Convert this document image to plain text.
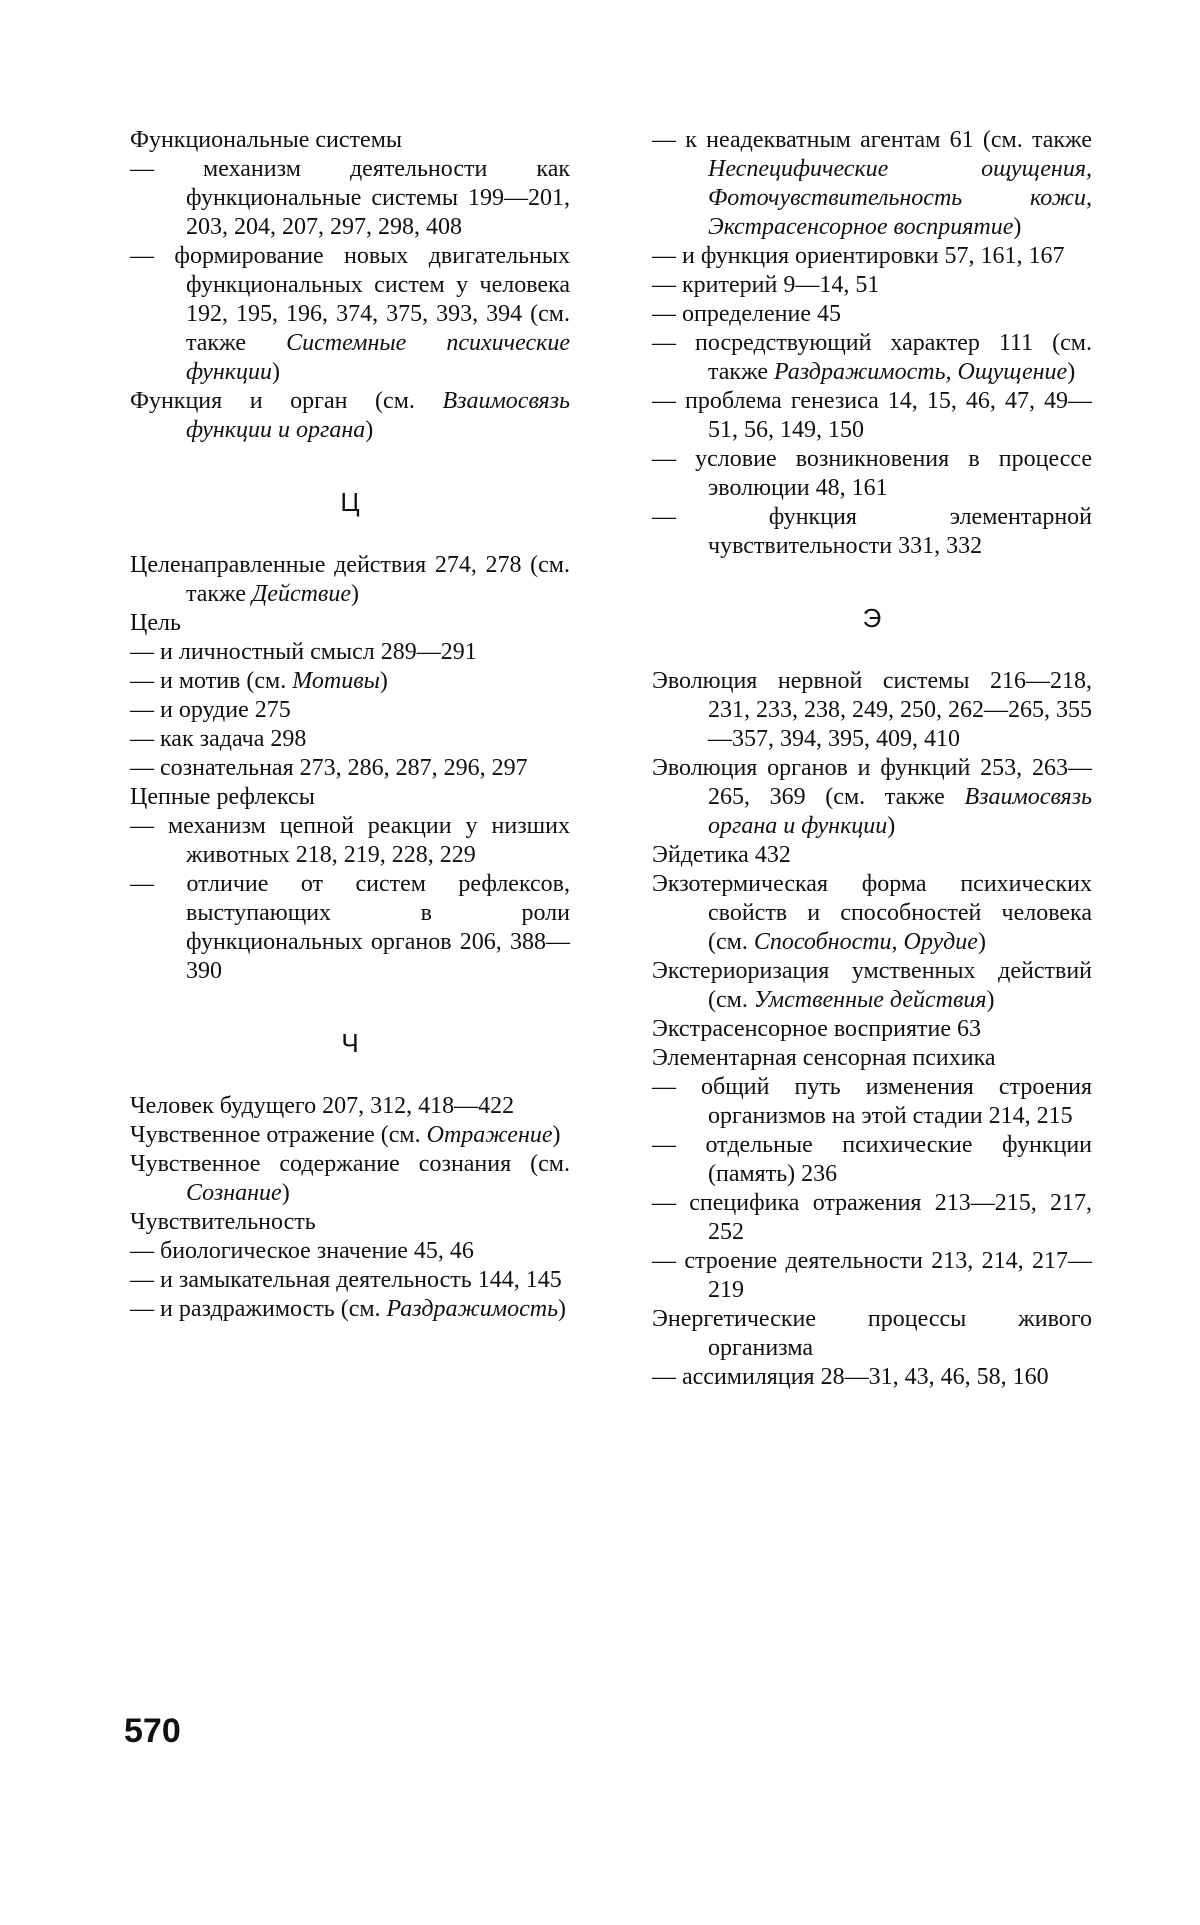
Функциональные системы
— механизм деятельности как функциональные системы 199—201, 203, 204, 207, 297, 298, 408
— формирование новых двигательных функциональных систем у человека 192, 195, 196, 374, 375, 393, 394 (см. также Системные психические функции)
Функция и орган (см. Взаимосвязь функции и органа)
Ц
Целенаправленные действия 274, 278 (см. также Действие)
Цель
— и личностный смысл 289—291
— и мотив (см. Мотивы)
— и орудие 275
— как задача 298
— сознательная 273, 286, 287, 296, 297
Цепные рефлексы
— механизм цепной реакции у низших животных 218, 219, 228, 229
— отличие от систем рефлексов, выступающих в роли функциональных органов 206, 388—390
Ч
Человек будущего 207, 312, 418—422
Чувственное отражение (см. Отражение)
Чувственное содержание сознания (см. Сознание)
Чувствительность
— биологическое значение 45, 46
— и замыкательная деятельность 144, 145
— и раздражимость (см. Раздражимость)
— к неадекватным агентам 61 (см. также Неспецифические ощущения, Фоточувствительность кожи, Экстрасенсорное восприятие)
— и функция ориентировки 57, 161, 167
— критерий 9—14, 51
— определение 45
— посредствующий характер 111 (см. также Раздражимость, Ощущение)
— проблема генезиса 14, 15, 46, 47, 49—51, 56, 149, 150
— условие возникновения в процессе эволюции 48, 161
— функция элементарной чувствительности 331, 332
Э
Эволюция нервной системы 216—218, 231, 233, 238, 249, 250, 262—265, 355—357, 394, 395, 409, 410
Эволюция органов и функций 253, 263—265, 369 (см. также Взаимосвязь органа и функции)
Эйдетика 432
Экзотермическая форма психических свойств и способностей человека (см. Способности, Орудие)
Экстериоризация умственных действий (см. Умственные действия)
Экстрасенсорное восприятие 63
Элементарная сенсорная психика
— общий путь изменения строения организмов на этой стадии 214, 215
— отдельные психические функции (память) 236
— специфика отражения 213—215, 217, 252
— строение деятельности 213, 214, 217—219
Энергетические процессы живого организма
— ассимиляция 28—31, 43, 46, 58, 160
570
